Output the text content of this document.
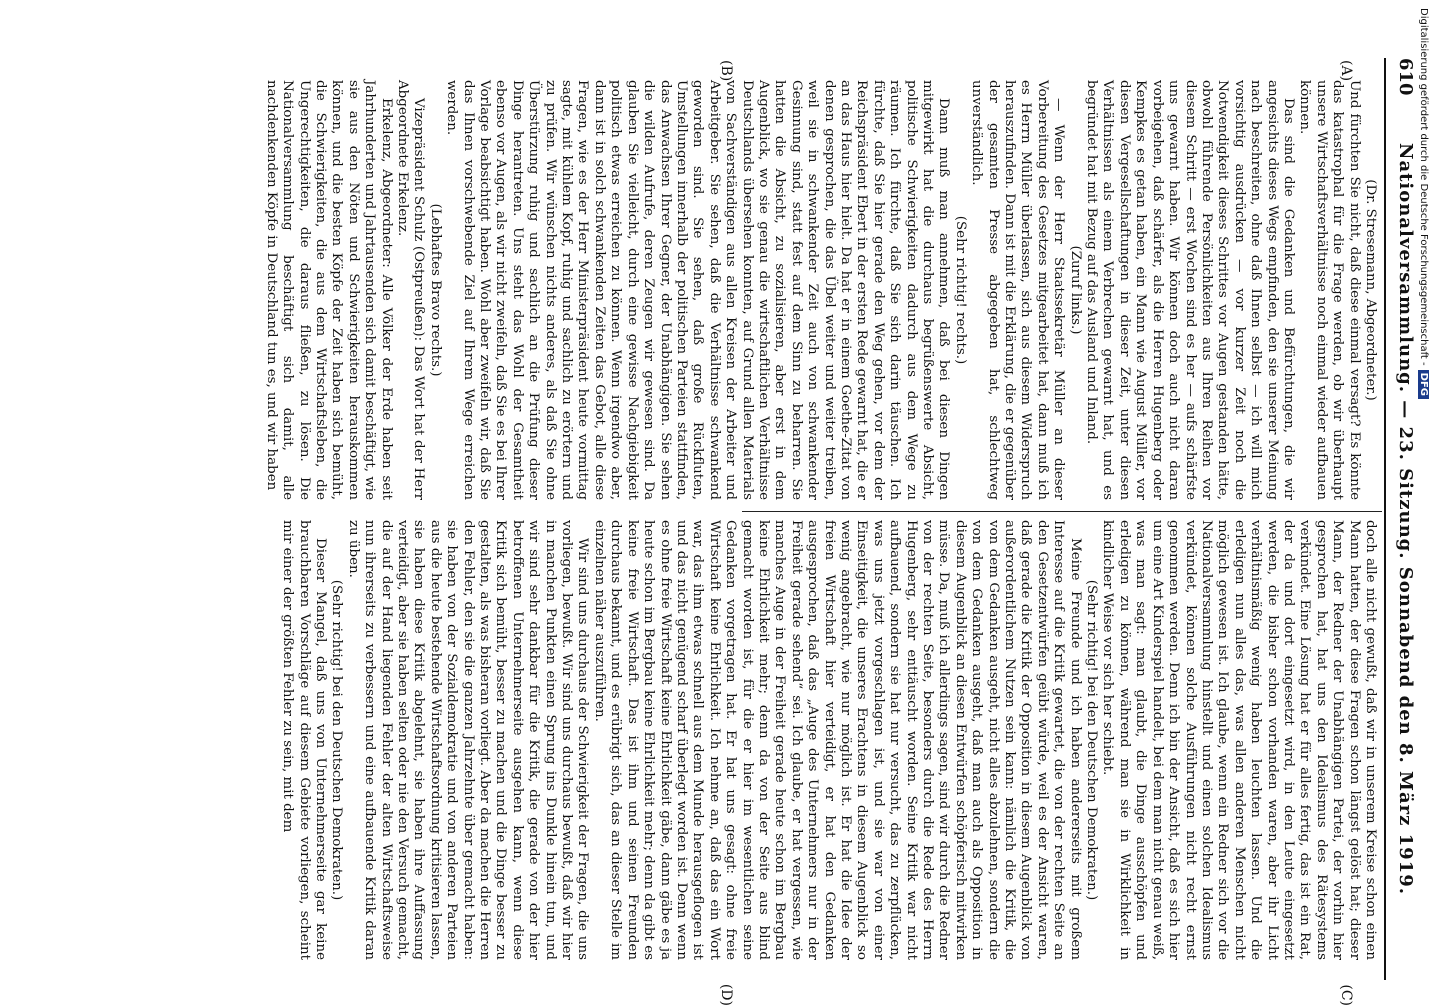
610
Nationalversammlung. — 23. Sitzung. Sonnabend den 8. März 1919.
(A)
(B)
(C)
(D)

(Dr. Stresemann, Abgeordneter.)

Und fürchten Sie nicht, daß diese einmal versagt? Es könnte das katastrophal für die Frage werden, ob wir überhaupt unsere Wirtschaftsverhältnisse noch einmal wieder aufbauen können.

Das sind die Gedanken und Befürchtungen, die wir angesichts dieses Wegs empfinden, den sie unserer Meinung nach beschreiten, ohne daß Ihnen selbst — ich will mich vorsichtig ausdrücken — vor kurzer Zeit noch die Notwendigkeit dieses Schrittes vor Augen gestanden hätte, obwohl führende Persönlichkeiten aus Ihren Reihen vor diesem Schritt — erst Wochen sind es her — aufs schärfste uns gewarnt haben. Wir können doch auch nicht daran vorbeigehen, daß schärfer, als die Herren Hugenberg oder Kempkes es getan haben, ein Mann wie August Müller, vor diesen Vergesellschaftungen in dieser Zeit, unter diesen Verhältnissen als einem Verbrechen gewarnt hat, und es begründet hat mit Bezug auf das Ausland und Inland.

(Zuruf links.)

— Wenn der Herr Staatssekretär Müller an dieser Vorbereitung des Gesetzes mitgearbeitet hat, dann muß ich es Herrn Müller überlassen, sich aus diesem Widerspruch herauszufinden. Dann ist mit die Erklärung, die er gegenüber der gesamten Presse abgegeben hat, schlechtweg unverständlich.

(Sehr richtig! rechts.)

Dann muß man annehmen, daß bei diesen Dingen mitgewirkt hat die durchaus begrüßenswerte Absicht, politische Schwierigkeiten dadurch aus dem Wege zu räumen. Ich fürchte, daß Sie sich darin täuschen. Ich fürchte, daß Sie hier gerade den Weg gehen, vor dem der Reichspräsident Ebert in der ersten Rede gewarnt hat, die er an das Haus hier hielt. Da hat er in einem Goethe-Zitat von denen gesprochen, die das Übel weiter und weiter treiben, weil sie in schwankender Zeit auch von schwankender Gesinnung sind, statt fest auf dem Sinn zu beharren. Sie hatten die Absicht, zu sozialisieren, aber erst in dem Augenblick, wo sie genau die wirtschaftlichen Verhältnisse Deutschlands übersehen konnten, auf Grund allen Materials von Sachverständigen aus allen Kreisen der Arbeiter und Arbeitgeber. Sie sehen, daß die Verhältnisse schwankend geworden sind. Sie sehen, daß große Rückfluten, Umstellungen innerhalb der politischen Parteien stattfinden, das Anwachsen Ihrer Gegner, der Unabhängigen. Sie sehen die wilden Aufrufe, deren Zeugen wir gewesen sind. Da glauben Sie vielleicht, durch eine gewisse Nachgiebigkeit politisch etwas erreichen zu können. Wenn irgendwo aber, dann ist in solch schwankenden Zeiten das Gebot, alle diese Fragen, wie es der Herr Ministerpräsident heute vormittag sagte, mit kühlem Kopf, ruhig und sachlich zu erörtern und zu prüfen. Wir wünschen nichts anderes, als daß Sie ohne Überstürzung ruhig und sachlich an die Prüfung dieser Dinge herantreten. Uns steht das Wohl der Gesamtheit ebenso vor Augen, als wir nicht zweifeln, daß Sie es bei Ihrer Vorlage beabsichtigt haben. Wohl aber zweifeln wir, daß Sie das Ihnen vorschwebende Ziel auf Ihrem Wege erreichen werden.

(Lebhaftes Bravo rechts.)

Vizepräsident Schulz (Ostpreußen): Das Wort hat der Herr Abgeordnete Erkelenz.

Erkelenz, Abgeordneter: Alle Völker der Erde haben seit Jahrhunderten und Jahrtausenden sich damit beschäftigt, wie sie aus den Nöten und Schwierigkeiten herauskommen können, und die besten Köpfe der Zeit haben sich bemüht, die Schwierigkeiten, die aus dem Wirtschaftsleben, die Ungerechtigkeiten, die daraus fließen, zu lösen. Die Nationalversammlung beschäftigt sich damit, alle nachdenkenden Köpfe in Deutschland tun es, und wir haben

doch alle nicht gewußt, daß wir in unserem Kreise schon einen Mann hatten, der diese Fragen schon längst gelöst hat; dieser Mann, der Redner der Unabhängigen Partei, der vorhin hier gesprochen hat, hat uns den Idealismus des Rätesystems verkündet. Eine Lösung hat er für alles fertig, das ist ein Rat, der da und dort eingesetzt wird, in den Leute eingesetzt werden, die bisher schon vorhanden waren, aber ihr Licht verhältnismäßig wenig haben leuchten lassen. Und die erledigen nun alles das, was allen anderen Menschen nicht möglich gewesen ist. Ich glaube, wenn ein Redner sich vor die Nationalversammlung hinstellt und einen solchen Idealismus verkündet, können solche Ausführungen nicht recht ernst genommen werden. Denn ich bin der Ansicht, daß es sich hier um eine Art Kinderspiel handelt, bei dem man nicht genau weiß, was man sagt: man glaubt, die Dinge ausschöpfen und erledigen zu können, während man sie in Wirklichkeit in kindlicher Weise vor sich her schiebt.

(Sehr richtig! bei den Deutschen Demokraten.)

Meine Freunde und ich haben andererseits mit großem Interesse auf die Kritik gewartet, die von der rechten Seite an den Gesetzentwürfen geübt würde, weil es der Ansicht waren, daß gerade die Kritik der Opposition in diesem Augenblick von außerordentlichem Nutzen sein kann: nämlich die Kritik, die von dem Gedanken ausgeht, nicht alles abzulehnen, sondern die von dem Gedanken ausgeht, daß man auch als Opposition in diesem Augenblick an diesen Entwürfen schöpferisch mitwirken müsse. Da, muß ich allerdings sagen, sind wir durch die Redner von der rechten Seite, besonders durch die Rede des Herrn Hugenberg, sehr enttäuscht worden. Seine Kritik war nicht aufbauend, sondern sie hat nur versucht, das zu zerpflücken, was uns jetzt vorgeschlagen ist, und sie war von einer Einseitigkeit, die unseres Erachtens in diesem Augenblick so wenig angebracht, wie nur möglich ist. Er hat die Idee der freien Wirtschaft hier verteidigt, er hat den Gedanken ausgesprochen, daß das „Auge des Unternehmers nur in der Freiheit gerade sehend“ sei. Ich glaube, er hat vergessen, wie manches Auge in der Freiheit gerade heute schon im Bergbau keine Ehrlichkeit mehr; denn da von der Seite aus blind gemacht worden ist, für die er hier im wesentlichen seine Gedanken vorgetragen hat. Er hat uns gesagt: ohne freie Wirtschaft keine Ehrlichkeit. Ich nehme an, daß das ein Wort war, das ihm etwas schnell aus dem Munde herausgeflogen ist und das nicht genügend scharf überlegt worden ist. Denn wenn es ohne freie Wirtschaft keine Ehrlichkeit gäbe, dann gäbe es ja heute schon im Bergbau keine Ehrlichkeit mehr; denn da gibt es keine freie Wirtschaft. Das ist ihm und seinen Freunden durchaus bekannt, und es erübrigt sich, das an dieser Stelle im einzelnen näher auszuführen.

Wir sind uns durchaus der Schwierigkeit der Fragen, die uns vorliegen, bewußt. Wir sind uns durchaus bewußt, daß wir hier in manchen Punkten einen Sprung ins Dunkle hinein tun, und wir sind sehr dankbar für die Kritik, die gerade von der hier betroffenen Unternehmerseite ausgehen kann, wenn diese Kritik sich bemüht, besser zu machen und die Dinge besser zu gestalten, als was bisheran vorliegt. Aber da machen die Herren den Fehler, den sie die ganzen Jahrzehnte über gemacht haben: sie haben von der Sozialdemokratie und von anderen Parteien aus die heute bestehende Wirtschaftsordnung kritisieren lassen, sie haben diese Kritik abgelehnt, sie haben ihre Auffassung verteidigt, aber sie haben selten oder nie den Versuch gemacht, die auf der Hand liegenden Fehler der alten Wirtschaftsweise nun ihrerseits zu verbessern und eine aufbauende Kritik daran zu üben.

(Sehr richtig! bei den Deutschen Demokraten.)

Dieser Mangel, daß uns von Unternehmerseite gar keine brauchbaren Vorschläge auf diesem Gebiete vorliegen, scheint mir einer der größten Fehler zu sein, mit dem

Digitalisierung gefördert durch die Deutsche Forschungsgemeinschaft -
DFG
